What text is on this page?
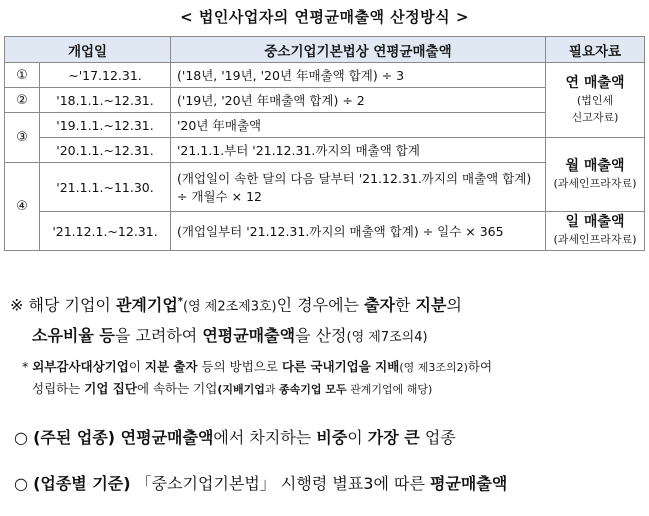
< 법인사업자의 연평균매출액 산정방식 >
개업일		중소기업기본법상 연평균매출액	필요자료
①	~'17.12.31.	('18년, '19년, '20년 年매출액 합계) ÷ 3	연 매출액
(법인세
신고자료)

②	'18.1.1.~12.31.	('19년, '20년 年매출액 합계) ÷ 2	
③	'19.1.1.~12.31.	'20년 年매출액	
	'20.1.1.~12.31.	'21.1.1.부터 '21.12.31.까지의 매출액 합계	월 매출액
(과세인프라자료)

④	'21.1.1.~11.30.	(개업일이 속한 달의 다음 달부터 '21.12.31.까지의 매출액 합계) ÷ 개월수 × 12	
	'21.12.1.~12.31.	(개업일부터 '21.12.31.까지의 매출액 합계) ÷ 일수 × 365	일 매출액
(과세인프라자료)
※ 해당 기업이 관계기업*(영 제2조제3호)인 경우에는 출자한 지분의
소유비율 등을 고려하여 연평균매출액을 산정(영 제7조의4)
* 외부감사대상기업이 지분 출자 등의 방법으로 다른 국내기업을 지배(영 제3조의2)하여
성립하는 기업 집단에 속하는 기업(지배기업과 종속기업 모두 관계기업에 해당)
○ (주된 업종) 연평균매출액에서 차지하는 비중이 가장 큰 업종
○ (업종별 기준) 「중소기업기본법」 시행령 별표3에 따른 평균매출액
